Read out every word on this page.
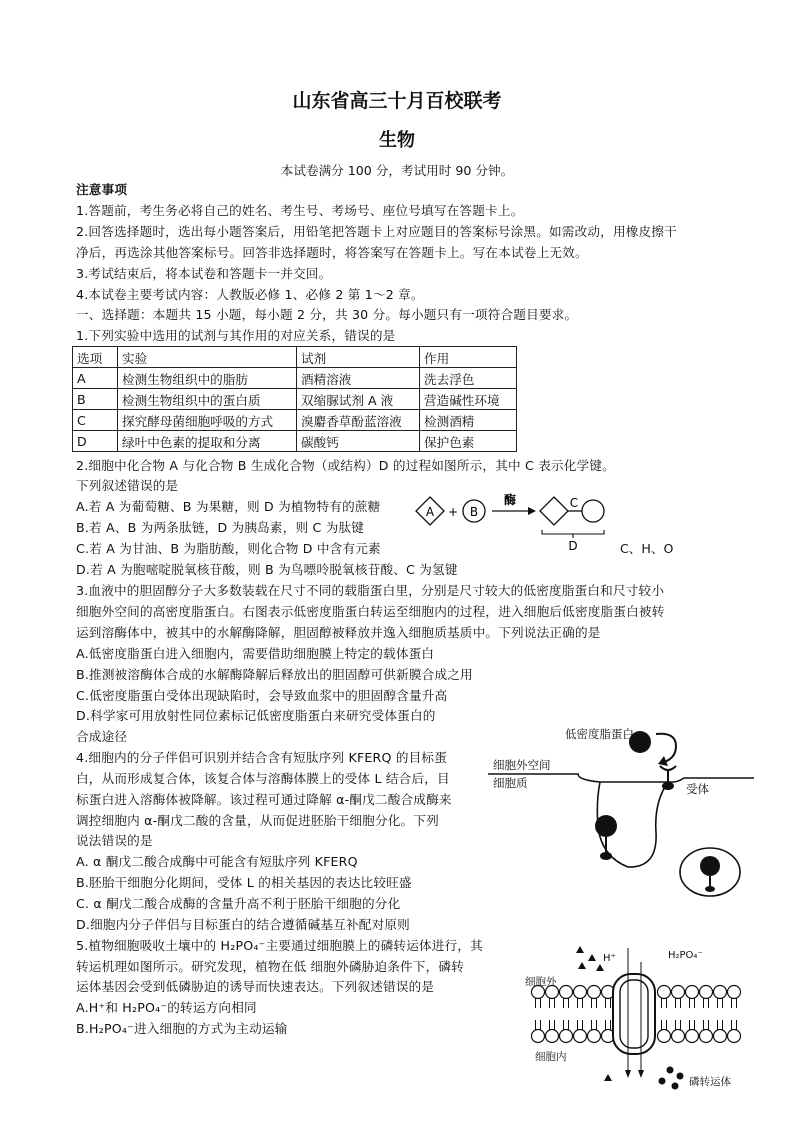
山东省高三十月百校联考
生物
本试卷满分 100 分，考试用时 90 分钟。
注意事项
1.答题前，考生务必将自己的姓名、考生号、考场号、座位号填写在答题卡上。
2.回答选择题时，选出每小题答案后，用铅笔把答题卡上对应题目的答案标号涂黑。如需改动，用橡皮擦干
净后，再选涂其他答案标号。回答非选择题时，将答案写在答题卡上。写在本试卷上无效。
3.考试结束后，将本试卷和答题卡一并交回。
4.本试卷主要考试内容：人教版必修 1、必修 2 第 1～2 章。
一、选择题：本题共 15 小题，每小题 2 分，共 30 分。每小题只有一项符合题目要求。
1.下列实验中选用的试剂与其作用的对应关系，错误的是
选项	实验	试剂	作用
A	检测生物组织中的脂肪	酒精溶液	洗去浮色
B	检测生物组织中的蛋白质	双缩脲试剂 A 液	营造碱性环境
C	探究酵母菌细胞呼吸的方式	溴麝香草酚蓝溶液	检测酒精
D	绿叶中色素的提取和分离	碳酸钙	保护色素
2.细胞中化合物 A 与化合物 B 生成化合物（或结构）D 的过程如图所示，其中 C 表示化学键。
下列叙述错误的是
A.若 A 为葡萄糖、B 为果糖，则 D 为植物特有的蔗糖
B.若 A、B 为两条肽链，D 为胰岛素，则 C 为肽键
C.若 A 为甘油、B 为脂肪酸，则化合物 D 中含有元素	C、H、O
D.若 A 为胞嘧啶脱氧核苷酸，则 B 为鸟嘌呤脱氧核苷酸、C 为氢键
A + B
酶	C
D
3.血液中的胆固醇分子大多数装载在尺寸不同的载脂蛋白里，分别是尺寸较大的低密度脂蛋白和尺寸较小
细胞外空间的高密度脂蛋白。右图表示低密度脂蛋白转运至细胞内的过程，进入细胞后低密度脂蛋白被转
运到溶酶体中，被其中的水解酶降解，胆固醇被释放并逸入细胞质基质中。下列说法正确的是
A.低密度脂蛋白进入细胞内，需要借助细胞膜上特定的载体蛋白
B.推测被溶酶体合成的水解酶降解后释放出的胆固醇可供新膜合成之用
C.低密度脂蛋白受体出现缺陷时，会导致血浆中的胆固醇含量升高
D.科学家可用放射性同位素标记低密度脂蛋白来研究受体蛋白的
合成途径	低密度脂蛋白
细胞外空间
细胞质	受体
4.细胞内的分子伴侣可识别并结合含有短肽序列 KFERQ 的目标蛋
白，从而形成复合体，该复合体与溶酶体膜上的受体 L 结合后，目
标蛋白进入溶酶体被降解。该过程可通过降解 α-酮戊二酸合成酶来
调控细胞内 α-酮戊二酸的含量，从而促进胚胎干细胞分化。下列
说法错误的是
A. α 酮戊二酸合成酶中可能含有短肽序列 KFERQ
B.胚胎干细胞分化期间，受体 L 的相关基因的表达比较旺盛
C. α 酮戊二酸合成酶的含量升高不利于胚胎干细胞的分化
D.细胞内分子伴侣与目标蛋白的结合遵循碱基互补配对原则
5.植物细胞吸收土壤中的 H₂PO₄⁻主要通过细胞膜上的磷转运体进行，其
转运机理如图所示。研究发现，植物在低 细胞外磷胁迫条件下，磷转
运体基因会受到低磷胁迫的诱导而快速表达。下列叙述错误的是
A.H⁺和 H₂PO₄⁻的转运方向相同
B.H₂PO₄⁻进入细胞的方式为主动运输
H⁺	H₂PO₄⁻
细胞外
细胞内
磷转运体
